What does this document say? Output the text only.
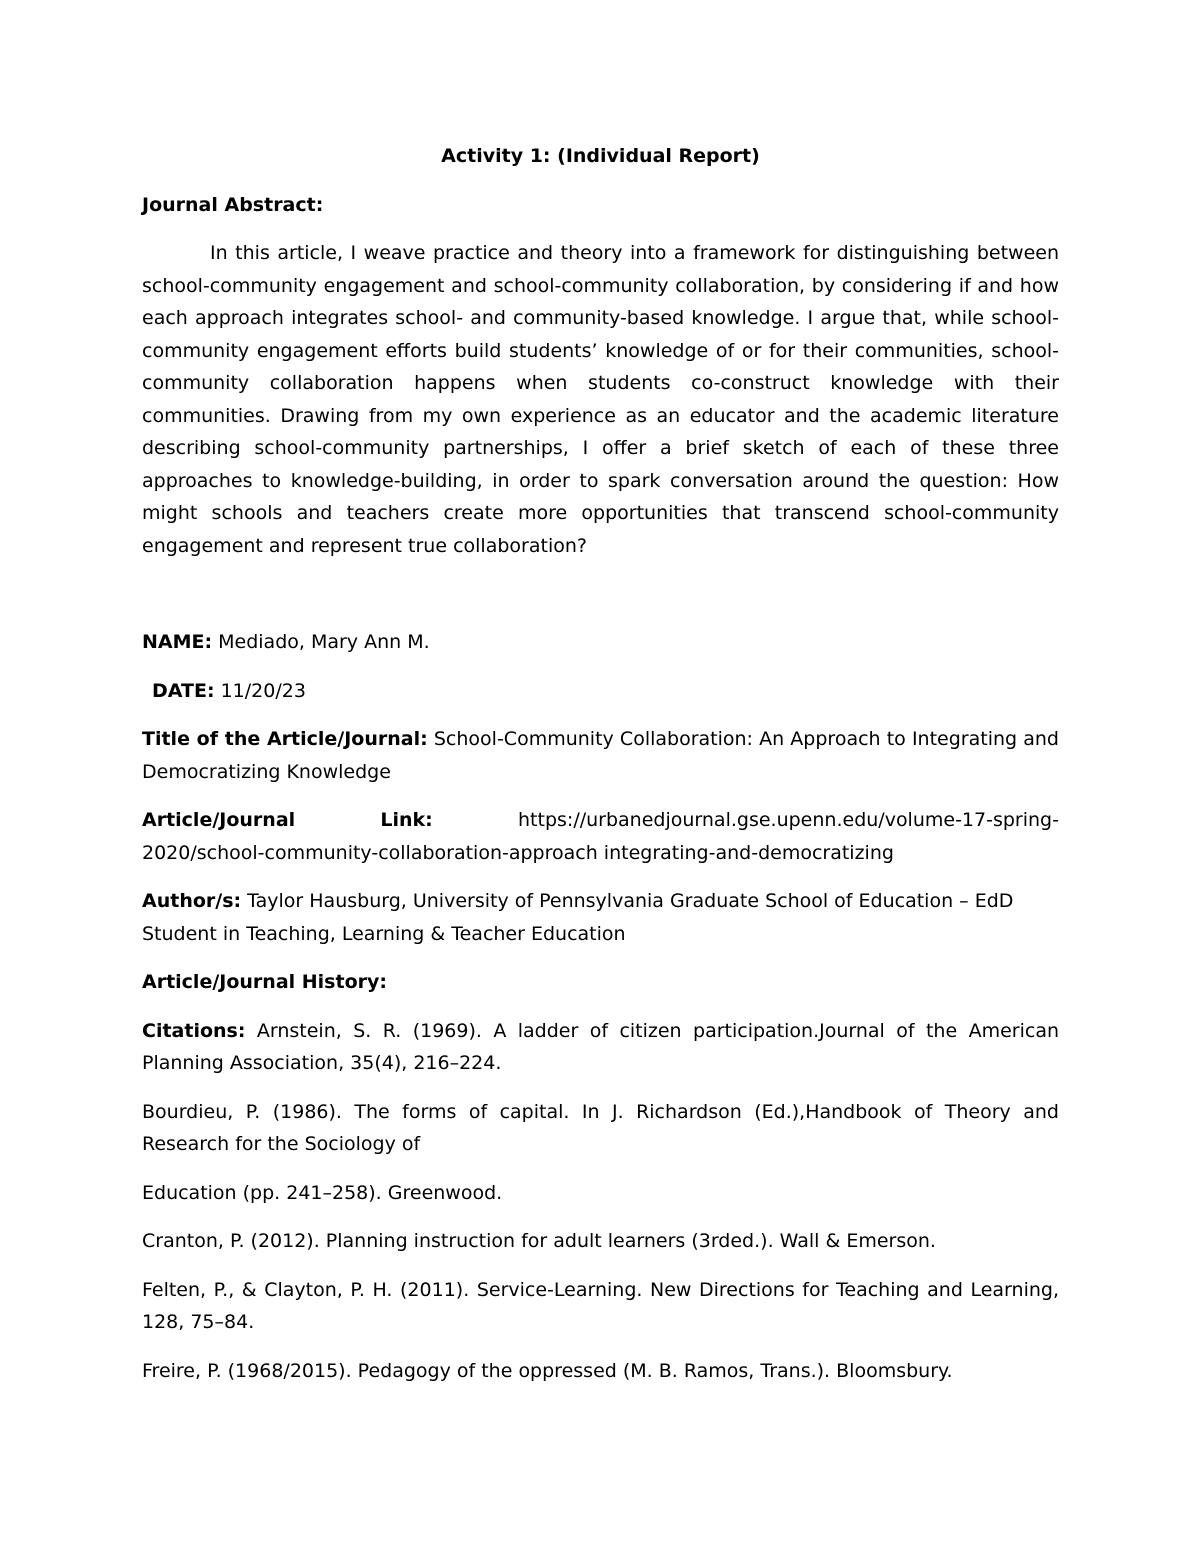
Activity 1: (Individual Report)

Journal Abstract:

In this article, I weave practice and theory into a framework for distinguishing between school-community engagement and school-community collaboration, by considering if and how each approach integrates school- and community-based knowledge. I argue that, while school-community engagement efforts build students’ knowledge of or for their communities, school-community collaboration happens when students co-construct knowledge with their communities. Drawing from my own experience as an educator and the academic literature describing school-community partnerships, I offer a brief sketch of each of these three approaches to knowledge-building, in order to spark conversation around the question: How might schools and teachers create more opportunities that transcend school-community engagement and represent true collaboration?

NAME: Mediado, Mary Ann M.

DATE: 11/20/23

Title of the Article/Journal: School-Community Collaboration: An Approach to Integrating and Democratizing Knowledge

Article/Journal	Link:	https://urbanedjournal.gse.upenn.edu/volume-17-spring-
2020/school-community-collaboration-approach integrating-and-democratizing

Author/s: Taylor Hausburg, University of Pennsylvania Graduate School of Education – EdD Student in Teaching, Learning & Teacher Education

Article/Journal History:

Citations: Arnstein, S. R. (1969). A ladder of citizen participation.Journal of the American Planning Association, 35(4), 216–224.

Bourdieu, P. (1986). The forms of capital. In J. Richardson (Ed.),Handbook of Theory and Research for the Sociology of

Education (pp. 241–258). Greenwood.

Cranton, P. (2012). Planning instruction for adult learners (3rded.). Wall & Emerson.

Felten, P., & Clayton, P. H. (2011). Service-Learning. New Directions for Teaching and Learning, 128, 75–84.

Freire, P. (1968/2015). Pedagogy of the oppressed (M. B. Ramos, Trans.). Bloomsbury.
